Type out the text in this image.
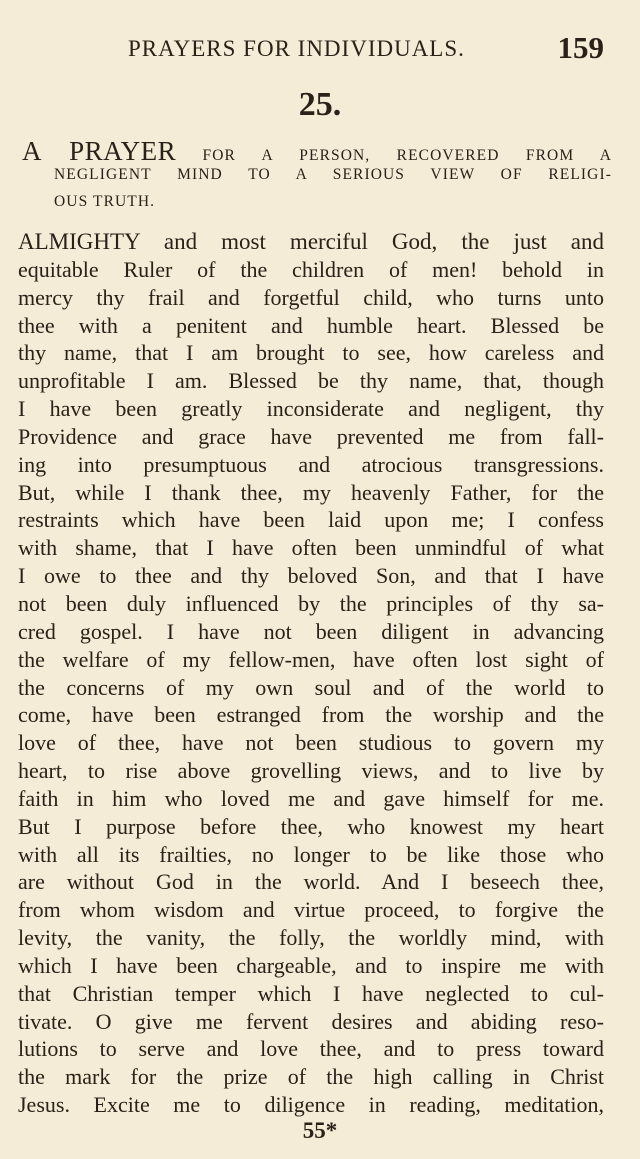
PRAYERS FOR INDIVIDUALS.	159
25.
A PRAYER FOR A PERSON, RECOVERED FROM A
NEGLIGENT MIND TO A SERIOUS VIEW OF RELIGI-
OUS TRUTH.
ALMIGHTY and most merciful God, the just and
equitable Ruler of the children of men! behold in
mercy thy frail and forgetful child, who turns unto
thee with a penitent and humble heart. Blessed be
thy name, that I am brought to see, how careless and
unprofitable I am. Blessed be thy name, that, though
I have been greatly inconsiderate and negligent, thy
Providence and grace have prevented me from fall-
ing into presumptuous and atrocious transgressions.
But, while I thank thee, my heavenly Father, for the
restraints which have been laid upon me; I confess
with shame, that I have often been unmindful of what
I owe to thee and thy beloved Son, and that I have
not been duly influenced by the principles of thy sa-
cred gospel. I have not been diligent in advancing
the welfare of my fellow-men, have often lost sight of
the concerns of my own soul and of the world to
come, have been estranged from the worship and the
love of thee, have not been studious to govern my
heart, to rise above grovelling views, and to live by
faith in him who loved me and gave himself for me.
But I purpose before thee, who knowest my heart
with all its frailties, no longer to be like those who
are without God in the world. And I beseech thee,
from whom wisdom and virtue proceed, to forgive the
levity, the vanity, the folly, the worldly mind, with
which I have been chargeable, and to inspire me with
that Christian temper which I have neglected to cul-
tivate. O give me fervent desires and abiding reso-
lutions to serve and love thee, and to press toward
the mark for the prize of the high calling in Christ
Jesus. Excite me to diligence in reading, meditation,
55*
